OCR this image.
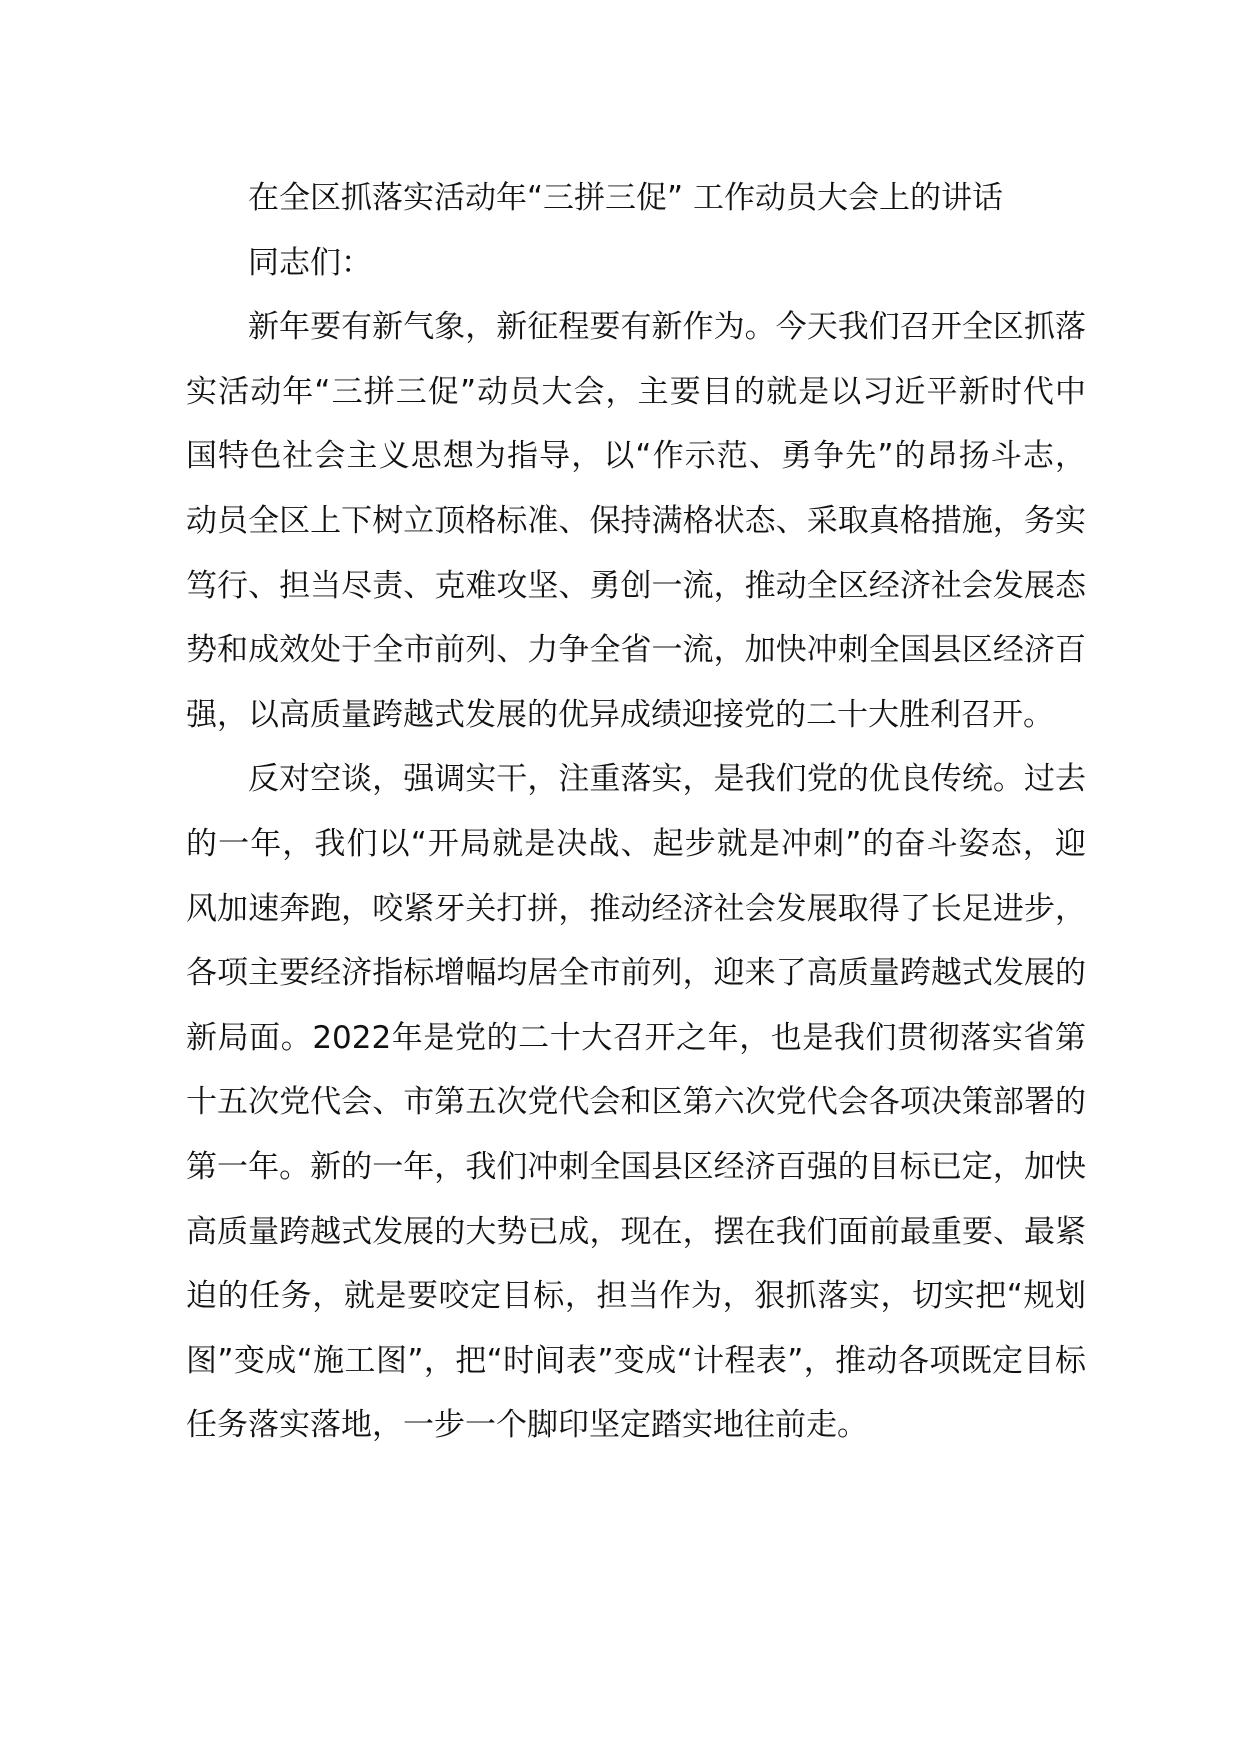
在全区抓落实活动年“三拼三促” 工作动员大会上的讲话
同志们：

新年要有新气象，新征程要有新作为。今天我们召开全区抓落实活动年“三拼三促”动员大会，主要目的就是以习近平新时代中国特色社会主义思想为指导，以“作示范、勇争先”的昂扬斗志，动员全区上下树立顶格标准、保持满格状态、采取真格措施，务实笃行、担当尽责、克难攻坚、勇创一流，推动全区经济社会发展态势和成效处于全市前列、力争全省一流，加快冲刺全国县区经济百强，以高质量跨越式发展的优异成绩迎接党的二十大胜利召开。

反对空谈，强调实干，注重落实，是我们党的优良传统。过去的一年，我们以“开局就是决战、起步就是冲刺”的奋斗姿态，迎风加速奔跑，咬紧牙关打拼，推动经济社会发展取得了长足进步，各项主要经济指标增幅均居全市前列，迎来了高质量跨越式发展的新局面。2022年是党的二十大召开之年，也是我们贯彻落实省第十五次党代会、市第五次党代会和区第六次党代会各项决策部署的第一年。新的一年，我们冲刺全国县区经济百强的目标已定，加快高质量跨越式发展的大势已成，现在，摆在我们面前最重要、最紧迫的任务，就是要咬定目标，担当作为，狠抓落实，切实把“规划图”变成“施工图”，把“时间表”变成“计程表”，推动各项既定目标任务落实落地，一步一个脚印坚定踏实地往前走。
